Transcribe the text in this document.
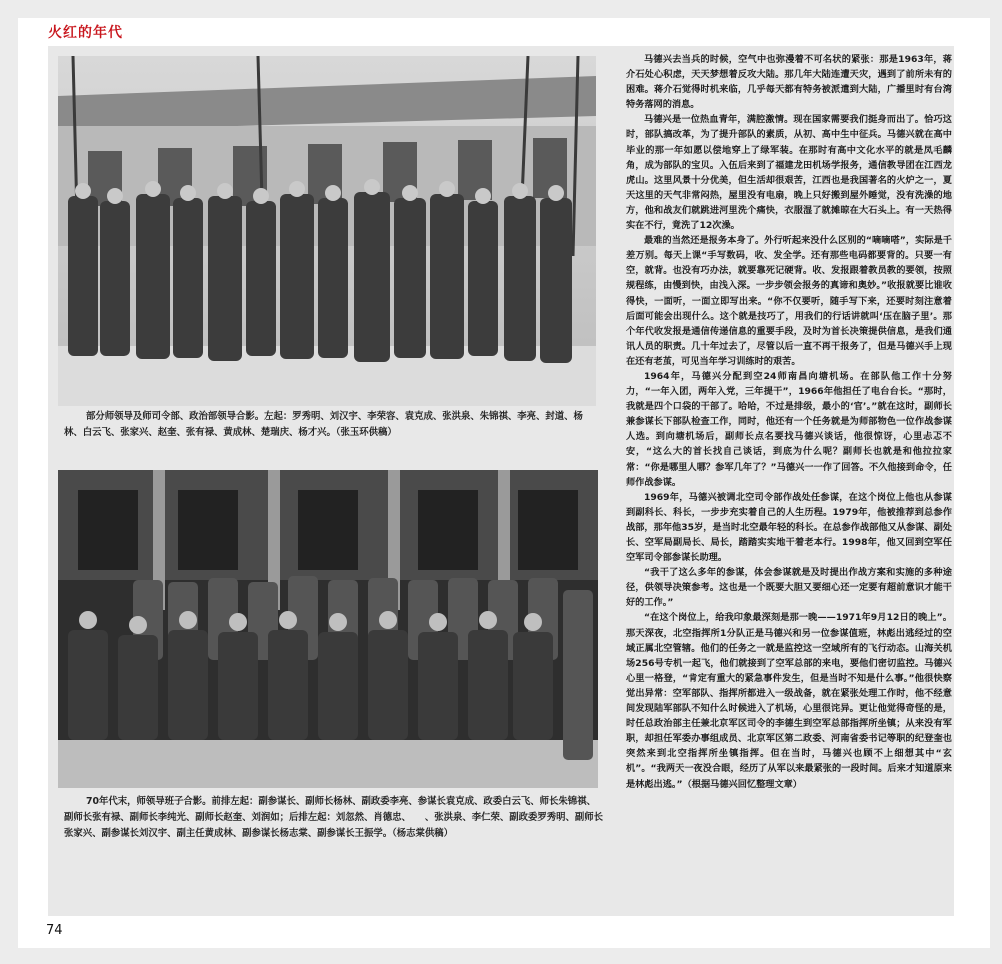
火红的年代
部分师领导及师司令部、政治部领导合影。左起：罗秀明、刘汉宇、李荣容、袁克成、张洪泉、朱锦祺、李亮、封道、杨林、白云飞、张家兴、赵奎、张有禄、黄成林、楚瑞庆、杨才兴。（张玉环供稿）
70年代末，师领导班子合影。前排左起：副参谋长、副师长杨林、副政委李亮、参谋长袁克成、政委白云飞、师长朱锦祺、副师长张有禄、副师长李纯光、副师长赵奎、刘润如；后排左起：刘忽然、肖德忠、　　、张洪泉、李仁荣、副政委罗秀明、副师长张家兴、副参谋长刘汉宇、副主任黄成林、副参谋长杨志棠、副参谋长王振学。（杨志棠供稿）

马德兴去当兵的时候，空气中也弥漫着不可名状的紧张：那是1963年，蒋介石处心积虑，天天梦想着反攻大陆。那几年大陆连遭天灾，遇到了前所未有的困难。蒋介石觉得时机来临，几乎每天都有特务被派遣到大陆，广播里时有台湾特务落网的消息。

马德兴是一位热血青年，满腔激情。现在国家需要我们挺身而出了。恰巧这时，部队搞改革，为了提升部队的素质，从初、高中生中征兵。马德兴就在高中毕业的那一年如愿以偿地穿上了绿军装。在那时有高中文化水平的就是凤毛麟角，成为部队的宝贝。入伍后来到了福建龙田机场学报务，通信教导团在江西龙虎山。这里风景十分优美，但生活却很艰苦，江西也是我国著名的火炉之一，夏天这里的天气非常闷热，屋里没有电扇，晚上只好搬到屋外睡觉，没有洗澡的地方，他和战友们就跳进河里洗个痛快，衣服湿了就摊晾在大石头上。有一天热得实在不行，竟洗了12次澡。

最难的当然还是报务本身了。外行听起来没什么区别的“嘀嘀嗒”，实际是千差万别。每天上课“手写数码，收、发全学。还有那些电码都要背的。只要一有空，就背。也没有巧办法，就要靠死记硬背。收、发报跟着教员教的要领，按照规程练，由慢到快，由浅入深。一步步领会报务的真谛和奥妙。”收报就要比谁收得快，一面听，一面立即写出来。“你不仅要听，随手写下来，还要时刻注意着后面可能会出现什么。这个就是技巧了，用我们的行话讲就叫‘压在脑子里’。那个年代收发报是通信传递信息的重要手段，及时为首长决策提供信息，是我们通讯人员的职责。几十年过去了，尽管以后一直不再干报务了，但是马德兴手上现在还有老茧，可见当年学习训练时的艰苦。

1964年，马德兴分配到空24师南昌向塘机场。在部队他工作十分努力，“一年入团，两年入党，三年提干”，1966年他担任了电台台长。“那时，我就是四个口袋的干部了。哈哈，不过是排级，最小的‘官’。”就在这时，副师长兼参谋长下部队检查工作，同时，他还有一个任务就是为师部物色一位作战参谋人选。到向塘机场后，副师长点名要找马德兴谈话，他很惊讶，心里忐忑不安，“这么大的首长找自己谈话，到底为什么呢？副师长也就是和他拉拉家常：“你是哪里人哪？参军几年了？”马德兴一一作了回答。不久他接到命令，任师作战参谋。

1969年，马德兴被调北空司令部作战处任参谋，在这个岗位上他也从参谋到副科长、科长，一步步充实着自己的人生历程。1979年，他被推荐到总参作战部，那年他35岁，是当时北空最年轻的科长。在总参作战部他又从参谋、副处长、空军局副局长、局长，踏踏实实地干着老本行。1998年，他又回到空军任空军司令部参谋长助理。

“我干了这么多年的参谋，体会参谋就是及时提出作战方案和实施的多种途径，供领导决策参考。这也是一个既要大胆又要细心还一定要有超前意识才能干好的工作。”

“在这个岗位上，给我印象最深刻是那一晚——1971年9月12日的晚上”。那天深夜，北空指挥所1分队正是马德兴和另一位参谋值班，林彪出逃经过的空域正属北空管辖。他们的任务之一就是监控这一空域所有的飞行动态。山海关机场256号专机一起飞，他们就接到了空军总部的来电，要他们密切监控。马德兴心里一格登，“肯定有重大的紧急事件发生，但是当时不知是什么事。”他很快察觉出异常：空军部队、指挥所都进入一级战备，就在紧张处理工作时，他不经意间发现陆军部队不知什么时候进入了机场，心里很诧异。更让他觉得奇怪的是，时任总政治部主任兼北京军区司令的李德生到空军总部指挥所坐镇；从来没有军职，却担任军委办事组成员、北京军区第二政委、河南省委书记等职的纪登奎也突然来到北空指挥所坐镇指挥。但在当时，马德兴也顾不上细想其中“玄机”。“我两天一夜没合眼，经历了从军以来最紧张的一段时间。后来才知道原来是林彪出逃。”（根据马德兴回忆整理文章）

74
